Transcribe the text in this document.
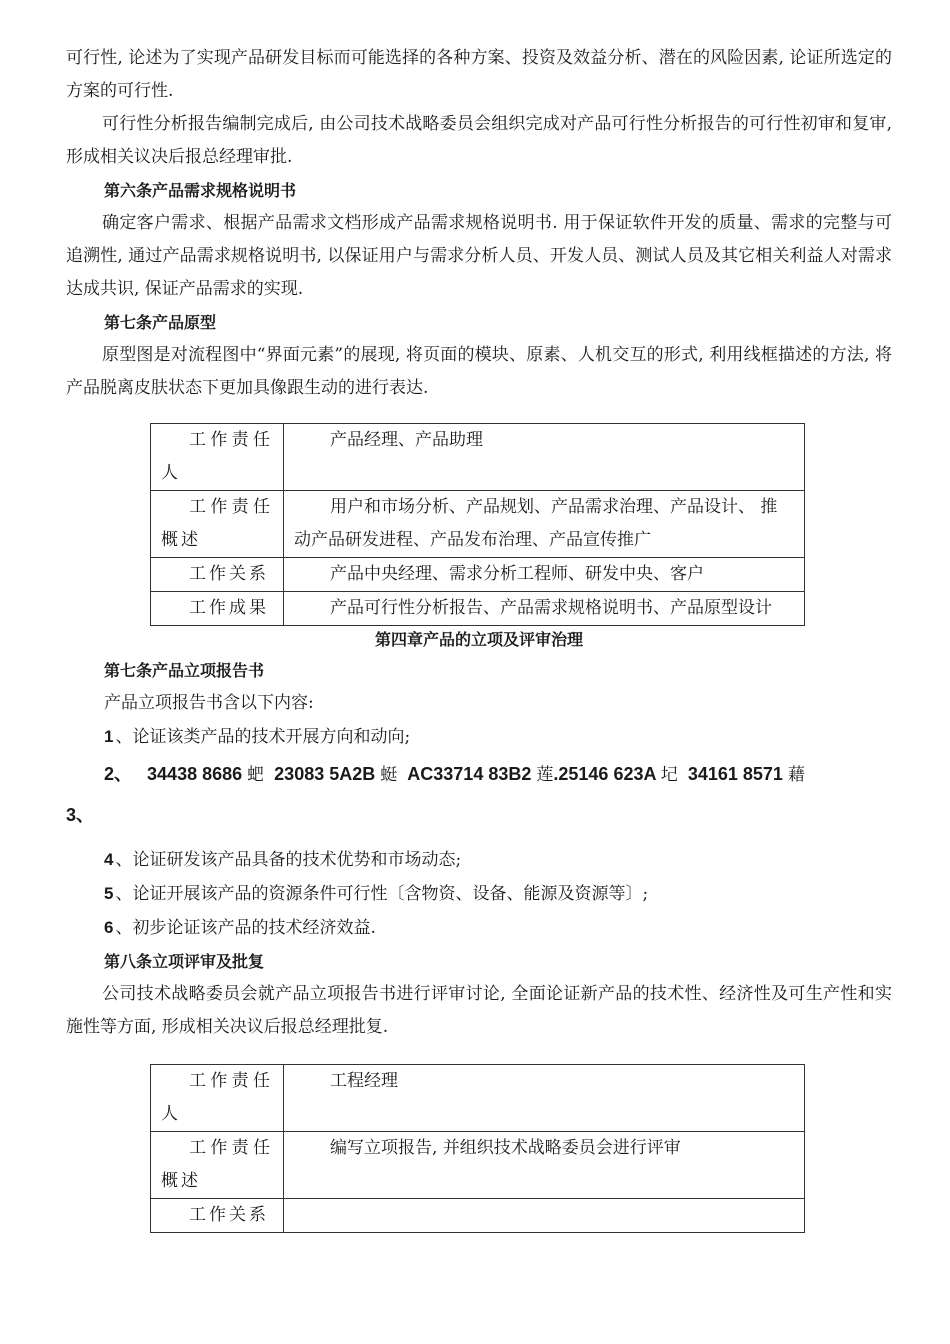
可行性, 论述为了实现产品研发目标而可能选择的各种方案、投资及效益分析、潜在的风险因素, 论证所选定的方案的可行性.

可行性分析报告编制完成后, 由公司技术战略委员会组织完成对产品可行性分析报告的可行性初审和复审, 形成相关议决后报总经理审批.

第六条产品需求规格说明书

确定客户需求、根据产品需求文档形成产品需求规格说明书. 用于保证软件开发的质量、需求的完整与可追溯性, 通过产品需求规格说明书, 以保证用户与需求分析人员、开发人员、测试人员及其它相关利益人对需求达成共识, 保证产品需求的实现.

第七条产品原型

原型图是对流程图中“界面元素”的展现, 将页面的模块、原素、人机交互的形式, 利用线框描述的方法, 将产品脱离皮肤状态下更加具像跟生动的进行表达.

工作责任人	产品经理、产品助理

工作责任概述	用户和市场分析、产品规划、产品需求治理、产品设计、 推动产品研发进程、产品发布治理、产品宣传推广

工作关系	产品中央经理、需求分析工程师、研发中央、客户

工作成果	产品可行性分析报告、产品需求规格说明书、产品原型设计
第四章产品的立项及评审治理
第七条产品立项报告书

产品立项报告书含以下内容:

1 、论证该类产品的技术开展方向和动向;

2、 34438 8686 蚆 23083 5A2B 蜓 AC33714 83B2 莲.25146 623A 圮 34161 8571 藉
3、

4 、论证研发该产品具备的技术优势和市场动态;

5 、论证开展该产品的资源条件可行性〔含物资、设备、能源及资源等〕;

6 、初步论证该产品的技术经济效益.

第八条立项评审及批复

公司技术战略委员会就产品立项报告书进行评审讨论, 全面论证新产品的技术性、经济性及可生产性和实施性等方面, 形成相关决议后报总经理批复.

工作责任人	工程经理

工作责任概述	编写立项报告, 并组织技术战略委员会进行评审

工作关系	
